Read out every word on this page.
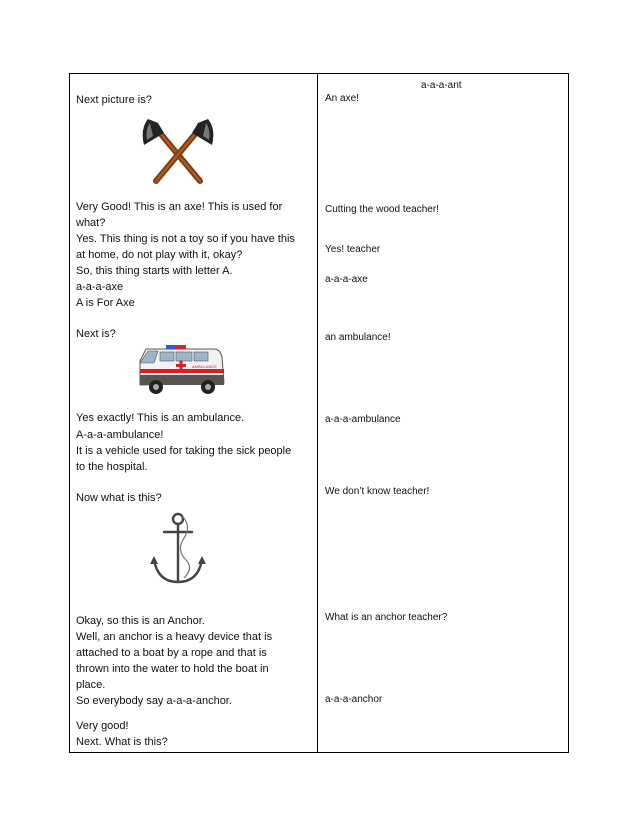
Next picture is?
Very Good! This is an axe! This is used for
what?
Yes. This thing is not a toy so if you have this
at home, do not play with it, okay?
So, this thing starts with letter A.
a-a-a-axe
A is For Axe
Next is?
AMBULANCE
Yes exactly! This is an ambulance.
A-a-a-ambulance!
It is a vehicle used for taking the sick people
to the hospital.
Now what is this?
Okay, so this is an Anchor.
Well, an anchor is a heavy device that is
attached to a boat by a rope and that is
thrown into the water to hold the boat in
place.
So everybody say a-a-a-anchor.
Very good!
Next. What is this?
a-a-a-ant
An axe!
Cutting the wood teacher!
Yes! teacher
a-a-a-axe
an ambulance!
a-a-a-ambulance
We don’t know teacher!
What is an anchor teacher?
a-a-a-anchor
